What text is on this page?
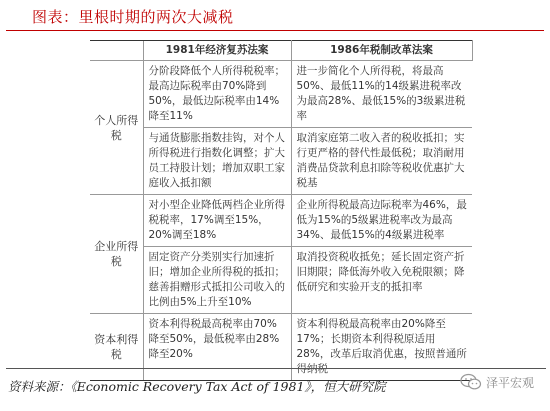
图表：里根时期的两次大减税
	1981年经济复苏法案	1986年税制改革法案
个人所得税	分阶段降低个人所得税税率；最高边际税率由70%降到50%，最低边际税率由14%降至11%	进一步简化个人所得税，将最高50%、最低11%的14级累进税率改为最高28%、最低15%的3级累进税率
	与通货膨胀指数挂钩，对个人所得税进行指数化调整；扩大员工持股计划；增加双职工家庭收入抵扣额	取消家庭第二收入者的税收抵扣；实行更严格的替代性最低税；取消耐用消费品贷款利息扣除等税收优惠扩大税基
企业所得税	对小型企业降低两档企业所得税税率，17%调至15%，20%调至18%	企业所得税最高边际税率为46%，最低为15%的5级累进税率改为最高34%、最低15%的4级累进税率
	固定资产分类别实行加速折旧；增加企业所得税的抵扣；慈善捐赠形式抵扣公司收入的比例由5%上升至10%	取消投资税收抵免；延长固定资产折旧期限；降低海外收入免税限额；降低研究和实验开支的抵扣率
资本利得税	资本利得税最高税率由70%降至50%，最低税率由28%降至20%	资本利得税最高税率由20%降至17%；长期资本利得税原适用28%，改革后取消优惠，按照普通所得纳税
资料来源：《Economic Recovery Tax Act of 1981》，恒大研究院	泽平宏观
